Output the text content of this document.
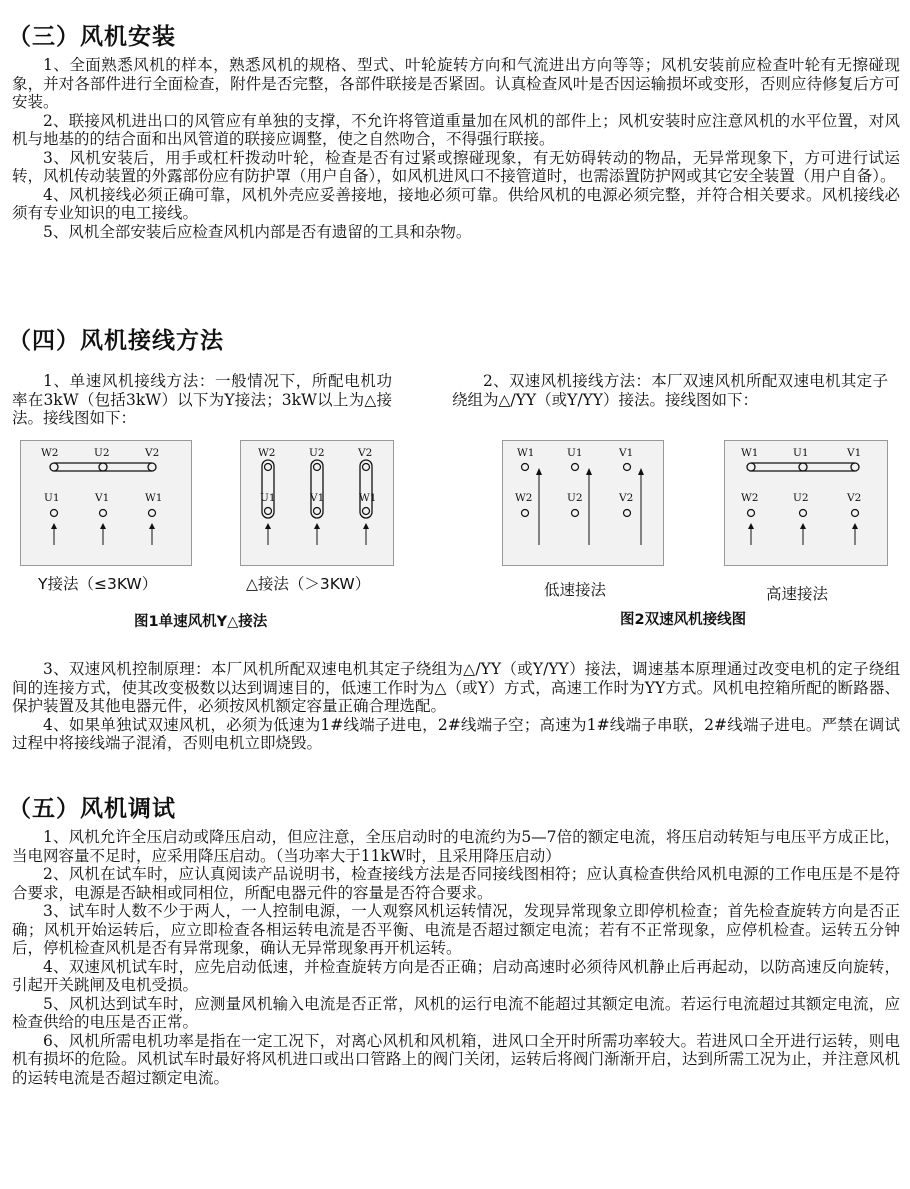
（三）风机安装

1、全面熟悉风机的样本，熟悉风机的规格、型式、叶轮旋转方向和气流进出方向等等；风机安装前应检查叶轮有无擦碰现象，并对各部件进行全面检查，附件是否完整，各部件联接是否紧固。认真检查风叶是否因运输损坏或变形，否则应待修复后方可安装。

2、联接风机进出口的风管应有单独的支撑，不允许将管道重量加在风机的部件上；风机安装时应注意风机的水平位置，对风机与地基的的结合面和出风管道的联接应调整，使之自然吻合，不得强行联接。

3、风机安装后，用手或杠杆拨动叶轮，检查是否有过紧或擦碰现象，有无妨碍转动的物品，无异常现象下，方可进行试运转，风机传动装置的外露部份应有防护罩（用户自备），如风机进风口不接管道时，也需添置防护网或其它安全装置（用户自备）。

4、风机接线必须正确可靠，风机外壳应妥善接地，接地必须可靠。供给风机的电源必须完整，并符合相关要求。风机接线必须有专业知识的电工接线。

5、风机全部安装后应检查风机内部是否有遗留的工具和杂物。

（四）风机接线方法

1、单速风机接线方法：一般情况下，所配电机功率在3kW（包括3kW）以下为Y接法；3kW以上为△接法。接线图如下：

2、双速风机接线方法：本厂双速风机所配双速电机其定子绕组为△/YY（或Y/YY）接法。接线图如下：

W2	U2	V2
U1	V1	W1
W2	U2	V2
U1	V1	W1
W1	U1	V1
W2	U2	V2
W1	U1	V1
W2	U2	V2
Y接法（≤3KW）	△接法（＞3KW）	低速接法	高速接法
图1单速风机Y△接法	图2双速风机接线图

3、双速风机控制原理：本厂风机所配双速电机其定子绕组为△/YY（或Y/YY）接法，调速基本原理通过改变电机的定子绕组间的连接方式，使其改变极数以达到调速目的，低速工作时为△（或Y）方式，高速工作时为YY方式。风机电控箱所配的断路器、保护装置及其他电器元件，必须按风机额定容量正确合理选配。

4、如果单独试双速风机，必须为低速为1#线端子进电，2#线端子空；高速为1#线端子串联，2#线端子进电。严禁在调试过程中将接线端子混淆，否则电机立即烧毁。

（五）风机调试

1、风机允许全压启动或降压启动，但应注意，全压启动时的电流约为5—7倍的额定电流，将压启动转矩与电压平方成正比，当电网容量不足时，应采用降压启动。（当功率大于11kW时，且采用降压启动）

2、风机在试车时，应认真阅读产品说明书，检查接线方法是否同接线图相符；应认真检查供给风机电源的工作电压是不是符合要求，电源是否缺相或同相位，所配电器元件的容量是否符合要求。

3、试车时人数不少于两人，一人控制电源，一人观察风机运转情况，发现异常现象立即停机检查；首先检查旋转方向是否正确；风机开始运转后，应立即检查各相运转电流是否平衡、电流是否超过额定电流；若有不正常现象，应停机检查。运转五分钟后，停机检查风机是否有异常现象，确认无异常现象再开机运转。

4、双速风机试车时，应先启动低速，并检查旋转方向是否正确；启动高速时必须待风机静止后再起动，以防高速反向旋转，引起开关跳闸及电机受损。

5、风机达到试车时，应测量风机输入电流是否正常，风机的运行电流不能超过其额定电流。若运行电流超过其额定电流，应检查供给的电压是否正常。

6、风机所需电机功率是指在一定工况下，对离心风机和风机箱，进风口全开时所需功率较大。若进风口全开进行运转，则电机有损坏的危险。风机试车时最好将风机进口或出口管路上的阀门关闭，运转后将阀门渐渐开启，达到所需工况为止，并注意风机的运转电流是否超过额定电流。
